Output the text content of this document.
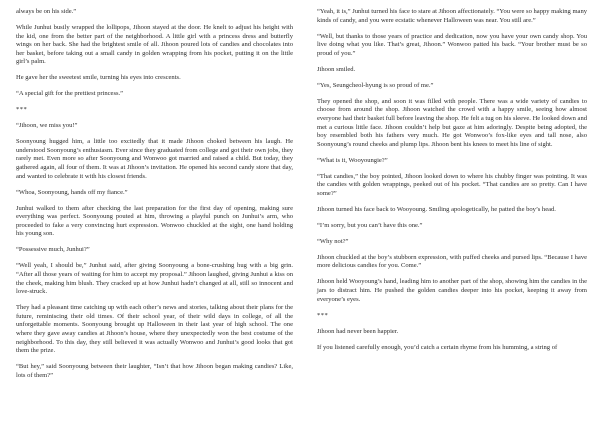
always be on his side.”

While Junhui busily wrapped the lollipops, Jihoon stayed at the door. He knelt to adjust his height with the kid, one from the better part of the neighborhood. A little girl with a princess dress and butterfly wings on her back. She had the brightest smile of all. Jihoon poured lots of candies and chocolates into her basket, before taking out a small candy in golden wrapping from his pocket, putting it on the little girl’s palm.

He gave her the sweetest smile, turning his eyes into crescents.

“A special gift for the prettiest princess.”

***

“Jihoon, we miss you!”

Soonyoung hugged him, a little too excitedly that it made Jihoon choked between his laugh. He understood Soonyoung’s enthusiasm. Ever since they graduated from college and got their own jobs, they rarely met. Even more so after Soonyoung and Wonwoo got married and raised a child. But today, they gathered again, all four of them. It was at Jihoon’s invitation. He opened his second candy store that day, and wanted to celebrate it with his closest friends.

“Whoa, Soonyoung, hands off my fiance.”

Junhui walked to them after checking the last preparation for the first day of opening, making sure everything was perfect. Soonyoung pouted at him, throwing a playful punch on Junhui’s arm, who proceeded to fake a very convincing hurt expression. Wonwoo chuckled at the sight, one hand holding his young son.

“Possessive much, Junhui?”

“Well yeah, I should be,” Junhui said, after giving Soonyoung a bone-crushing hug with a big grin. “After all those years of waiting for him to accept my proposal.” Jihoon laughed, giving Junhui a kiss on the cheek, making him blush. They cracked up at how Junhui hadn’t changed at all, still so innocent and love-struck.

They had a pleasant time catching up with each other’s news and stories, talking about their plans for the future, reminiscing their old times. Of their school year, of their wild days in college, of all the unforgettable moments. Soonyoung brought up Halloween in their last year of high school. The one where they gave away candies at Jihoon’s house, where they unexpectedly won the best costume of the neighborhood. To this day, they still believed it was actually Wonwoo and Junhui’s good looks that got them the prize.

“But hey,” said Soonyoung between their laughter, “Isn’t that how Jihoon began making candies? Like, lots of them?”

“Yeah, it is,” Junhui turned his face to stare at Jihoon affectionately. “You were so happy making many kinds of candy, and you were ecstatic whenever Halloween was near. You still are.”

“Well, but thanks to those years of practice and dedication, now you have your own candy shop. You live doing what you like. That’s great, Jihoon.” Wonwoo patted his back. “Your brother must be so proud of you.”

Jihoon smiled.

“Yes, Seungcheol-hyung is so proud of me.”

They opened the shop, and soon it was filled with people. There was a wide variety of candies to choose from around the shop. Jihoon watched the crowd with a happy smile, seeing how almost everyone had their basket full before leaving the shop. He felt a tug on his sleeve. He looked down and met a curious little face. Jihoon couldn’t help but gaze at him adoringly. Despite being adopted, the boy resembled both his fathers very much. He got Wonwoo’s fox-like eyes and tall nose, also Soonyoung’s round cheeks and plump lips. Jihoon bent his knees to meet his line of sight.

“What is it, Wooyoungie?”

“That candies,” the boy pointed, Jihoon looked down to where his chubby finger was pointing. It was the candies with golden wrappings, peeked out of his pocket. “That candies are so pretty. Can I have some?”

Jihoon turned his face back to Wooyoung. Smiling apologetically, he patted the boy’s head.

“I’m sorry, but you can’t have this one.”

“Why not?”

Jihoon chuckled at the boy’s stubborn expression, with puffed cheeks and pursed lips. “Because I have more delicious candies for you. Come.”

Jihoon held Wooyoung’s hand, leading him to another part of the shop, showing him the candies in the jars to distract him. He pushed the golden candies deeper into his pocket, keeping it away from everyone’s eyes.

***

Jihoon had never been happier.

If you listened carefully enough, you’d catch a certain rhyme from his humming, a string of
